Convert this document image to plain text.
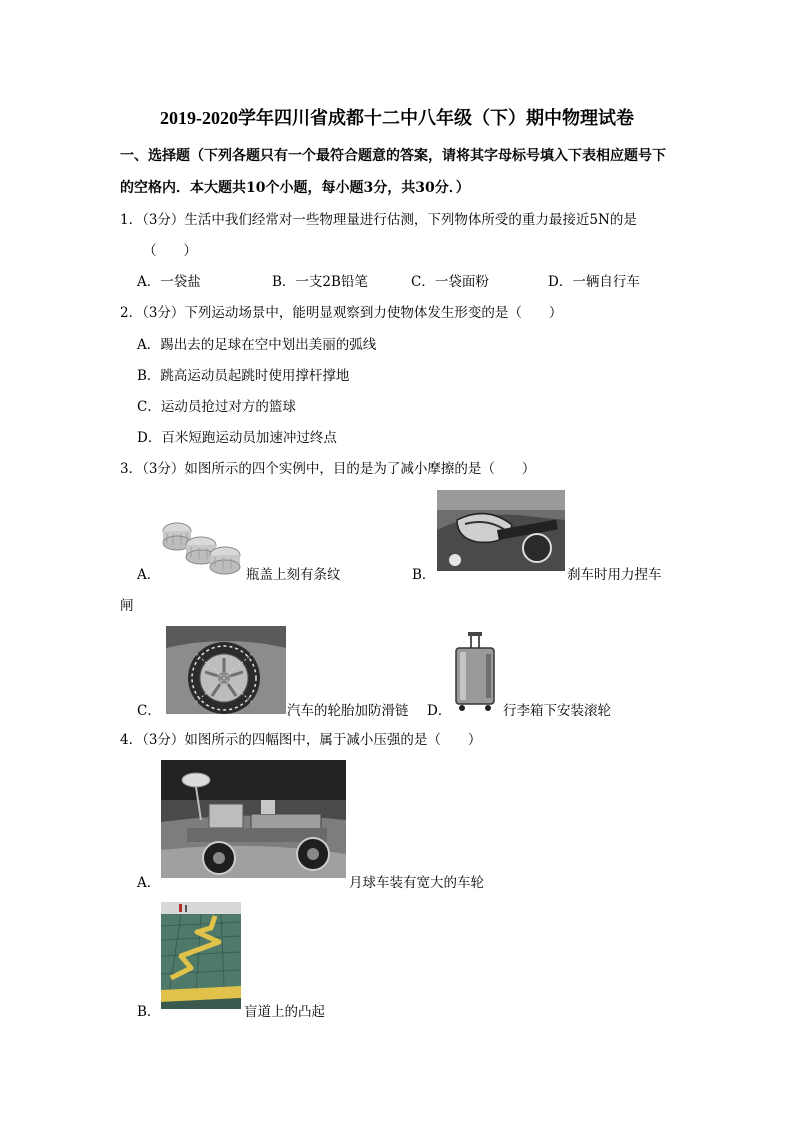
2019-2020学年四川省成都十二中八年级（下）期中物理试卷
一、选择题（下列各题只有一个最符合题意的答案，请将其字母标号填入下表相应题号下
的空格内．本大题共10个小题，每小题3分，共30分．）
1．（3分）生活中我们经常对一些物理量进行估测，下列物体所受的重力最接近5N的是
（　　）
A．一袋盐	B．一支2B铅笔	C．一袋面粉	D．一辆自行车
2．（3分）下列运动场景中，能明显观察到力使物体发生形变的是（　　）
A．踢出去的足球在空中划出美丽的弧线
B．跳高运动员起跳时使用撑杆撑地
C．运动员抢过对方的篮球
D．百米短跑运动员加速冲过终点
3．（3分）如图所示的四个实例中，目的是为了减小摩擦的是（　　）
A．	瓶盖上刻有条纹	B．	刹车时用力捏车
闸
C．	汽车的轮胎加防滑链 D．	行李箱下安装滚轮
4．（3分）如图所示的四幅图中，属于减小压强的是（　　）
A．	月球车装有宽大的车轮
B．	盲道上的凸起
